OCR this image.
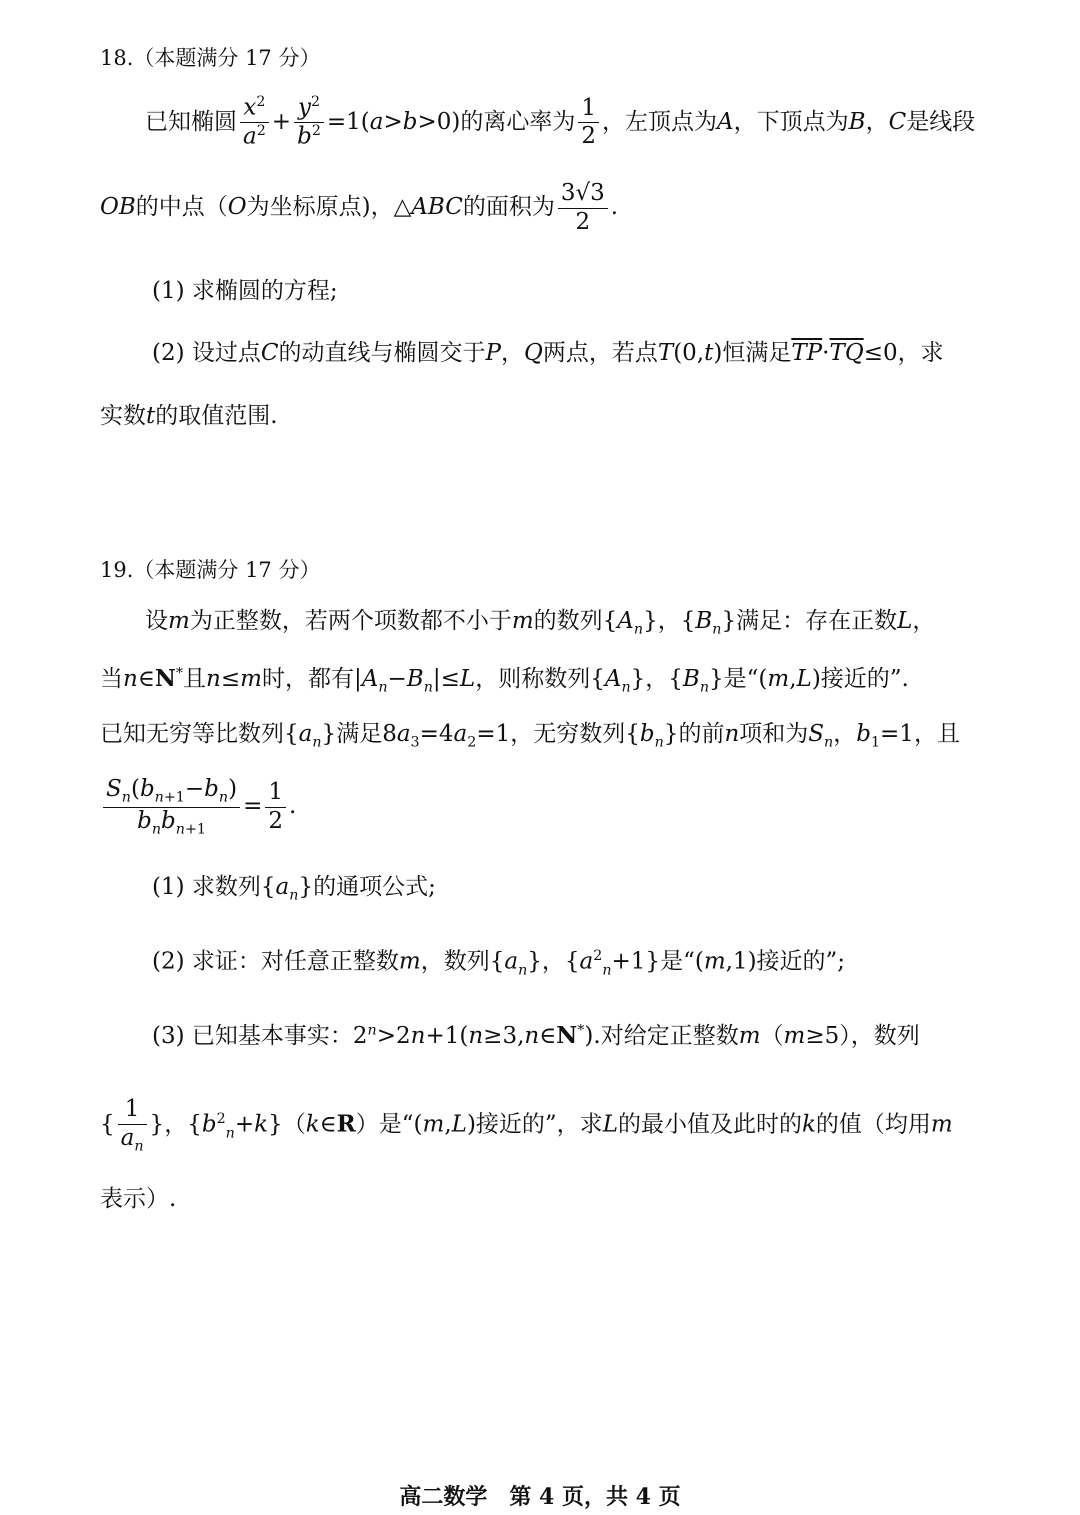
18.（本题满分 17 分）
已知椭圆 $\frac{x^2}{a^2} + \frac{y^2}{b^2} =1(a>b>0)$的离心率为 $\frac{1}{2}$ ，左顶点为A，下顶点为B，C是线段
OB的中点（O为坐标原点)，△ABC的面积为 $\frac{3√3}{2}$ .
(1) 求椭圆的方程;
(2) 设过点C的动直线与椭圆交于P，Q两点，若点T(0,t)恒满足$\overline{TP}\cdot\overline{TQ}\le 0$，求
实数t的取值范围.
19.（本题满分 17 分）
设m为正整数，若两个项数都不小于m的数列$\{A_n\}$，$\{B_n\}$满足：存在正数L，
当n∈N*且n≤m时，都有$|A_n-B_n|\le L$，则称数列$\{A_n\}$，$\{B_n\}$是“(m,L)接近的”.
已知无穷等比数列$\{a_n\}$满足$8a_3=4a_2=1$，无穷数列$\{b_n\}$的前n项和为$S_n$，$b_1=1$，且
$\frac{S_n(b_{n+1}-b_n)}{b_nb_{n+1}} = \frac{1}{2}$ .
(1) 求数列$\{a_n\}$的通项公式;
(2) 求证：对任意正整数m，数列$\{a_n\}$，$\{a^2_n+1\}$是“(m,1)接近的”;
(3) 已知基本事实：$2^n>2n+1(n\ge 3,n\in N^*)$.对给定正整数m（m≥5），数列
{ $\frac{1}{a_n}$ }，$\{b^2_n+k\}(k\in R)$是“(m,L)接近的”，求L的最小值及此时的k的值（均用m
表示）.
高二数学　第 4 页，共 4 页
